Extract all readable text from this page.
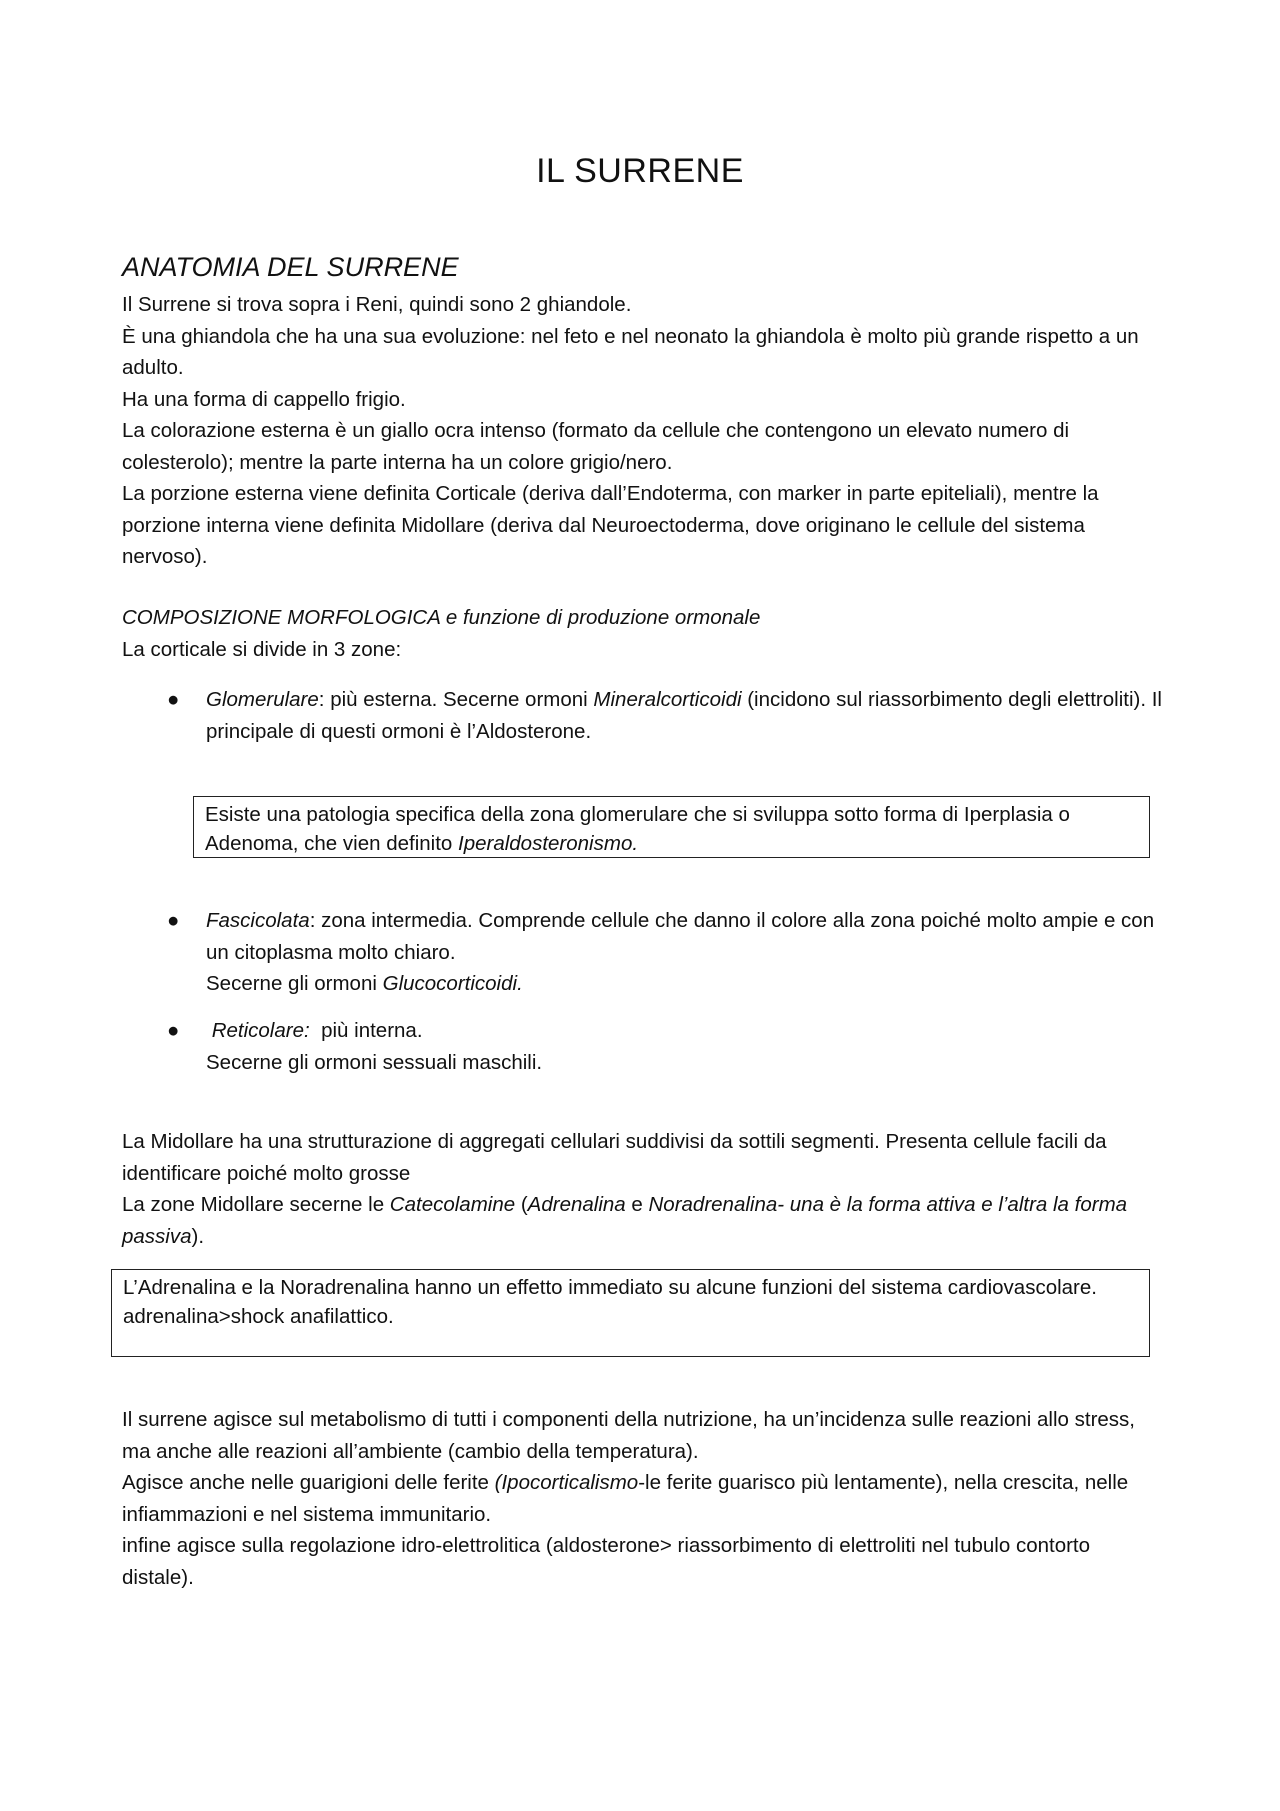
IL SURRENE
ANATOMIA DEL SURRENE

Il Surrene si trova sopra i Reni, quindi sono 2 ghiandole.

È una ghiandola che ha una sua evoluzione: nel feto e nel neonato la ghiandola è molto più grande rispetto a un adulto.

Ha una forma di cappello frigio.

La colorazione esterna è un giallo ocra intenso (formato da cellule che contengono un elevato numero di colesterolo); mentre la parte interna ha un colore grigio/nero.

La porzione esterna viene definita Corticale (deriva dall’Endoterma, con marker in parte epiteliali), mentre la porzione interna viene definita Midollare (deriva dal Neuroectoderma, dove originano le cellule del sistema nervoso).

COMPOSIZIONE MORFOLOGICA e funzione di produzione ormonale

La corticale si divide in 3 zone:

● Glomerulare: più esterna. Secerne ormoni Mineralcorticoidi (incidono sul riassorbimento degli elettroliti). Il principale di questi ormoni è l’Aldosterone.

Esiste una patologia specifica della zona glomerulare che si sviluppa sotto forma di Iperplasia o Adenoma, che vien definito Iperaldosteronismo.

● Fascicolata: zona intermedia. Comprende cellule che danno il colore alla zona poiché molto ampie e con un citoplasma molto chiaro.

Secerne gli ormoni Glucocorticoidi.

● Reticolare:  più interna.

Secerne gli ormoni sessuali maschili.

La Midollare ha una strutturazione di aggregati cellulari suddivisi da sottili segmenti. Presenta cellule facili da identificare poiché molto grosse

La zone Midollare secerne le Catecolamine (Adrenalina e Noradrenalina- una è la forma attiva e l’altra la forma passiva).

L’Adrenalina e la Noradrenalina hanno un effetto immediato su alcune funzioni del sistema cardiovascolare.

adrenalina>shock anafilattico.

Il surrene agisce sul metabolismo di tutti i componenti della nutrizione, ha un’incidenza sulle reazioni allo stress, ma anche alle reazioni all’ambiente (cambio della temperatura).

Agisce anche nelle guarigioni delle ferite (Ipocorticalismo-le ferite guarisco più lentamente), nella crescita, nelle infiammazioni e nel sistema immunitario.

infine agisce sulla regolazione idro-elettrolitica (aldosterone> riassorbimento di elettroliti nel tubulo contorto distale).
